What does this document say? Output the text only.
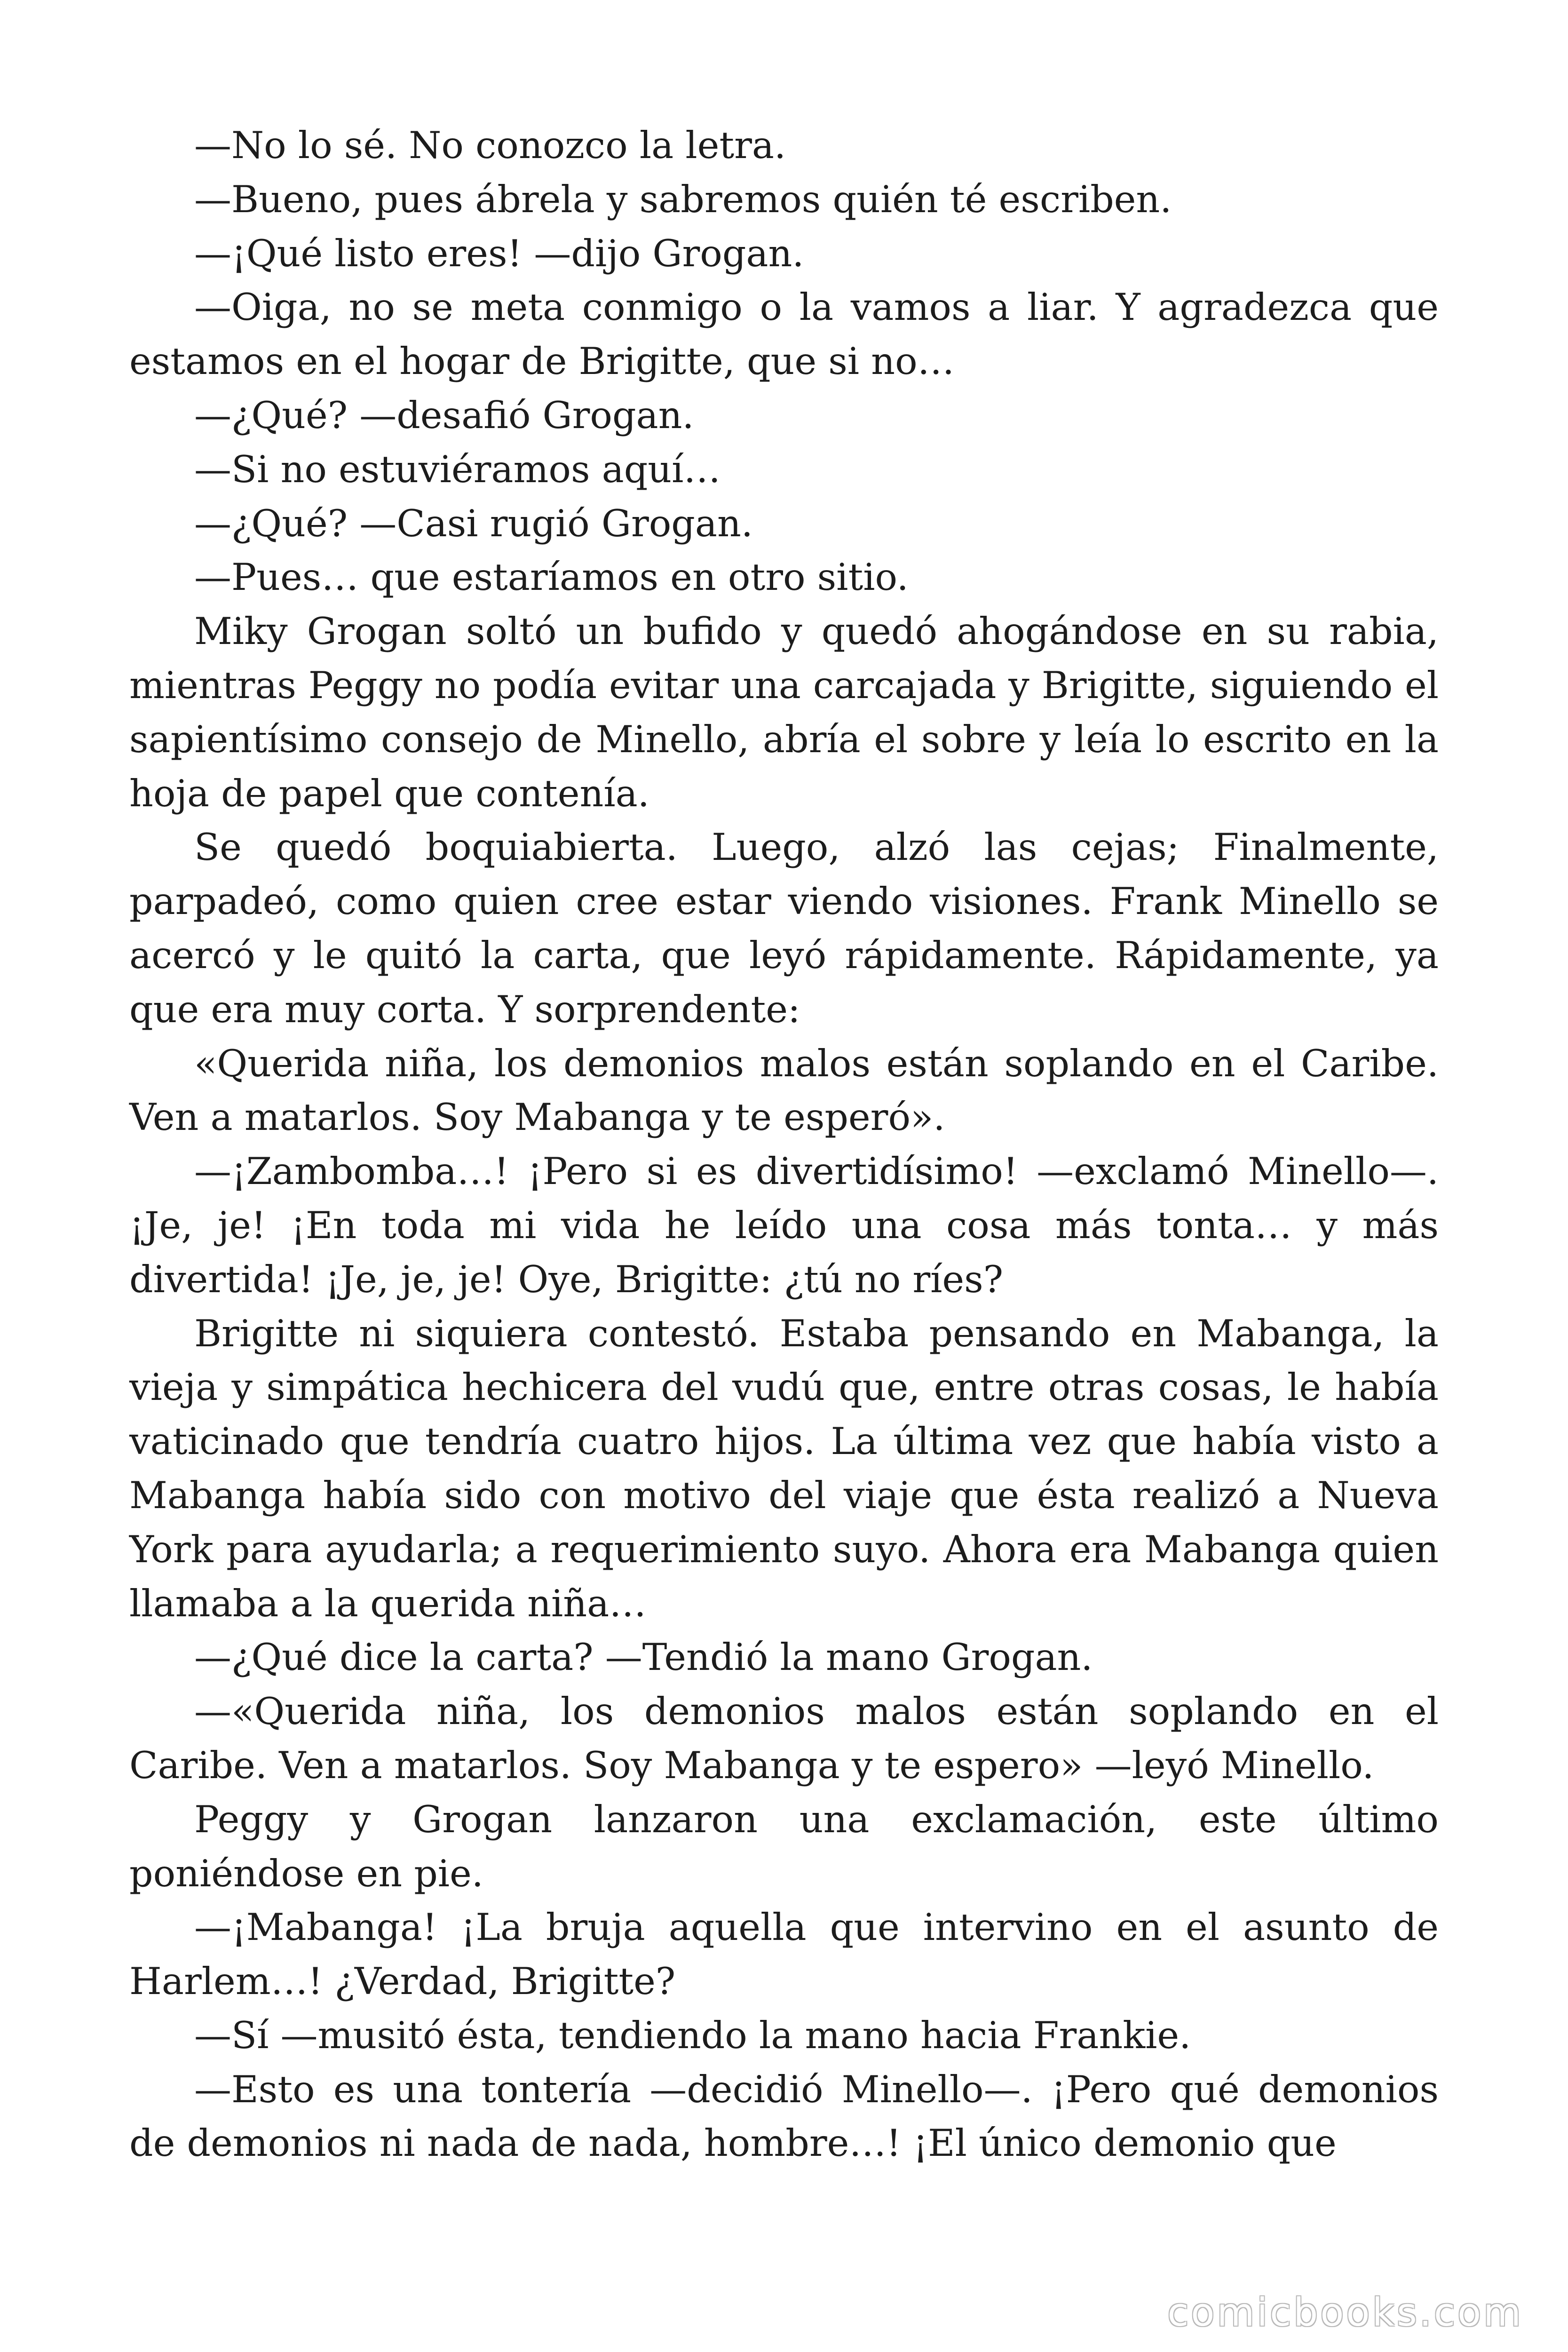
—No lo sé. No conozco la letra.

—Bueno, pues ábrela y sabremos quién té escriben.

—¡Qué listo eres! —dijo Grogan.

—Oiga, no se meta conmigo o la vamos a liar. Y agradezca que estamos en el hogar de Brigitte, que si no…

—¿Qué? —desafió Grogan.

—Si no estuviéramos aquí…

—¿Qué? —Casi rugió Grogan.

—Pues… que estaríamos en otro sitio.

Miky Grogan soltó un bufido y quedó ahogándose en su rabia, mientras Peggy no podía evitar una carcajada y Brigitte, siguiendo el sapientísimo consejo de Minello, abría el sobre y leía lo escrito en la hoja de papel que contenía.

Se quedó boquiabierta. Luego, alzó las cejas; Finalmente, parpadeó, como quien cree estar viendo visiones. Frank Minello se acercó y le quitó la carta, que leyó rápidamente. Rápidamente, ya que era muy corta. Y sorprendente:

«Querida niña, los demonios malos están soplando en el Caribe. Ven a matarlos. Soy Mabanga y te esperó».

—¡Zambomba…! ¡Pero si es divertidísimo! —exclamó Minello—. ¡Je, je! ¡En toda mi vida he leído una cosa más tonta… y más divertida! ¡Je, je, je! Oye, Brigitte: ¿tú no ríes?

Brigitte ni siquiera contestó. Estaba pensando en Mabanga, la vieja y simpática hechicera del vudú que, entre otras cosas, le había vaticinado que tendría cuatro hijos. La última vez que había visto a Mabanga había sido con motivo del viaje que ésta realizó a Nueva York para ayudarla; a requerimiento suyo. Ahora era Mabanga quien llamaba a la querida niña…

—¿Qué dice la carta? —Tendió la mano Grogan.

—«Querida niña, los demonios malos están soplando en el Caribe. Ven a matarlos. Soy Mabanga y te espero» —leyó Minello.

Peggy y Grogan lanzaron una exclamación, este último poniéndose en pie.

—¡Mabanga! ¡La bruja aquella que intervino en el asunto de Harlem…! ¿Verdad, Brigitte?

—Sí —musitó ésta, tendiendo la mano hacia Frankie.

—Esto es una tontería —decidió Minello—. ¡Pero qué demonios de demonios ni nada de nada, hombre…! ¡El único demonio que

comicbooks.com
